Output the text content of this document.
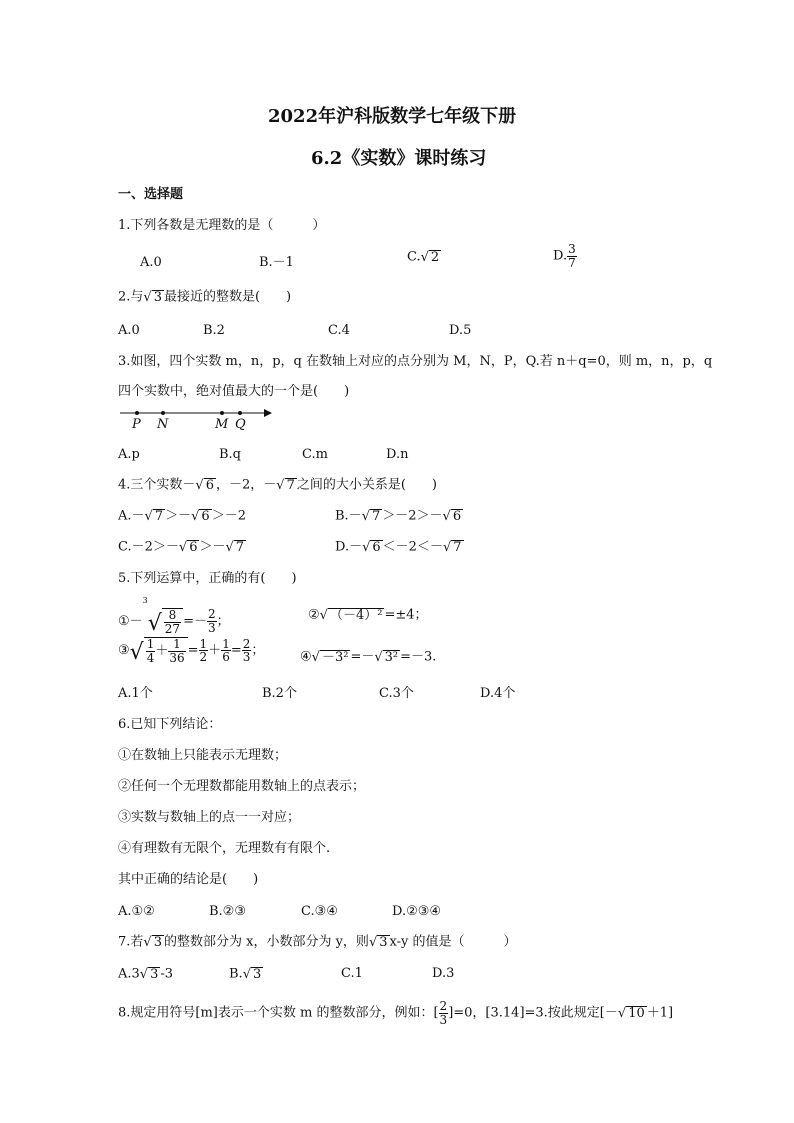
2022年沪科版数学七年级下册
6.2《实数》课时练习
一、选择题
1.下列各数是无理数的是（　　　）
A.0	B.－1	C.√ 2	D. $\frac{3}{7}$
2.与√ 3 最接近的整数是(　　)
A.0	B.2	C.4	D.5
3.如图，四个实数 m，n，p，q 在数轴上对应的点分别为 M，N，P，Q.若 n＋q=0，则 m，n，p，q
四个实数中，绝对值最大的一个是(　　)
P N	M Q
A.p	B.q	C.m	D.n
4.三个实数－√ 6 ，－2，－√ 7 之间的大小关系是(　　)
A.－√ 7 ＞－√ 6 ＞－2	B.－√ 7 ＞－2＞－√ 6
C.－2＞－√ 6 ＞－√ 7	D.－√ 6 ＜－2＜－√ 7
5.下列运算中，正确的有(　　)
①－$^3$√ $\frac{8}{27} =- \frac{2}{3}$ ；	②√ （－4）² =±4；
③√ $\frac{1}{4} + \frac{1}{36} = \frac{1}{2} + \frac{1}{6} = \frac{2}{3}$ ；	④√ －3² =－√ 3² =－3.
A.1个	B.2个	C.3个	D.4个
6.已知下列结论：
①在数轴上只能表示无理数；
②任何一个无理数都能用数轴上的点表示；
③实数与数轴上的点一一对应；
④有理数有无限个，无理数有有限个.
其中正确的结论是(　　)
A.①②	B.②③	C.③④	D.②③④
7.若√ 3 的整数部分为 x，小数部分为 y，则√ 3 x-y 的值是（　　　）
A.3√ 3 -3	B.√ 3	C.1	D.3
8.规定用符号[m]表示一个实数 m 的整数部分，例如：[ $\frac{2}{3} ]=0$，[3.14]=3.按此规定[－√ 10 ＋1]
